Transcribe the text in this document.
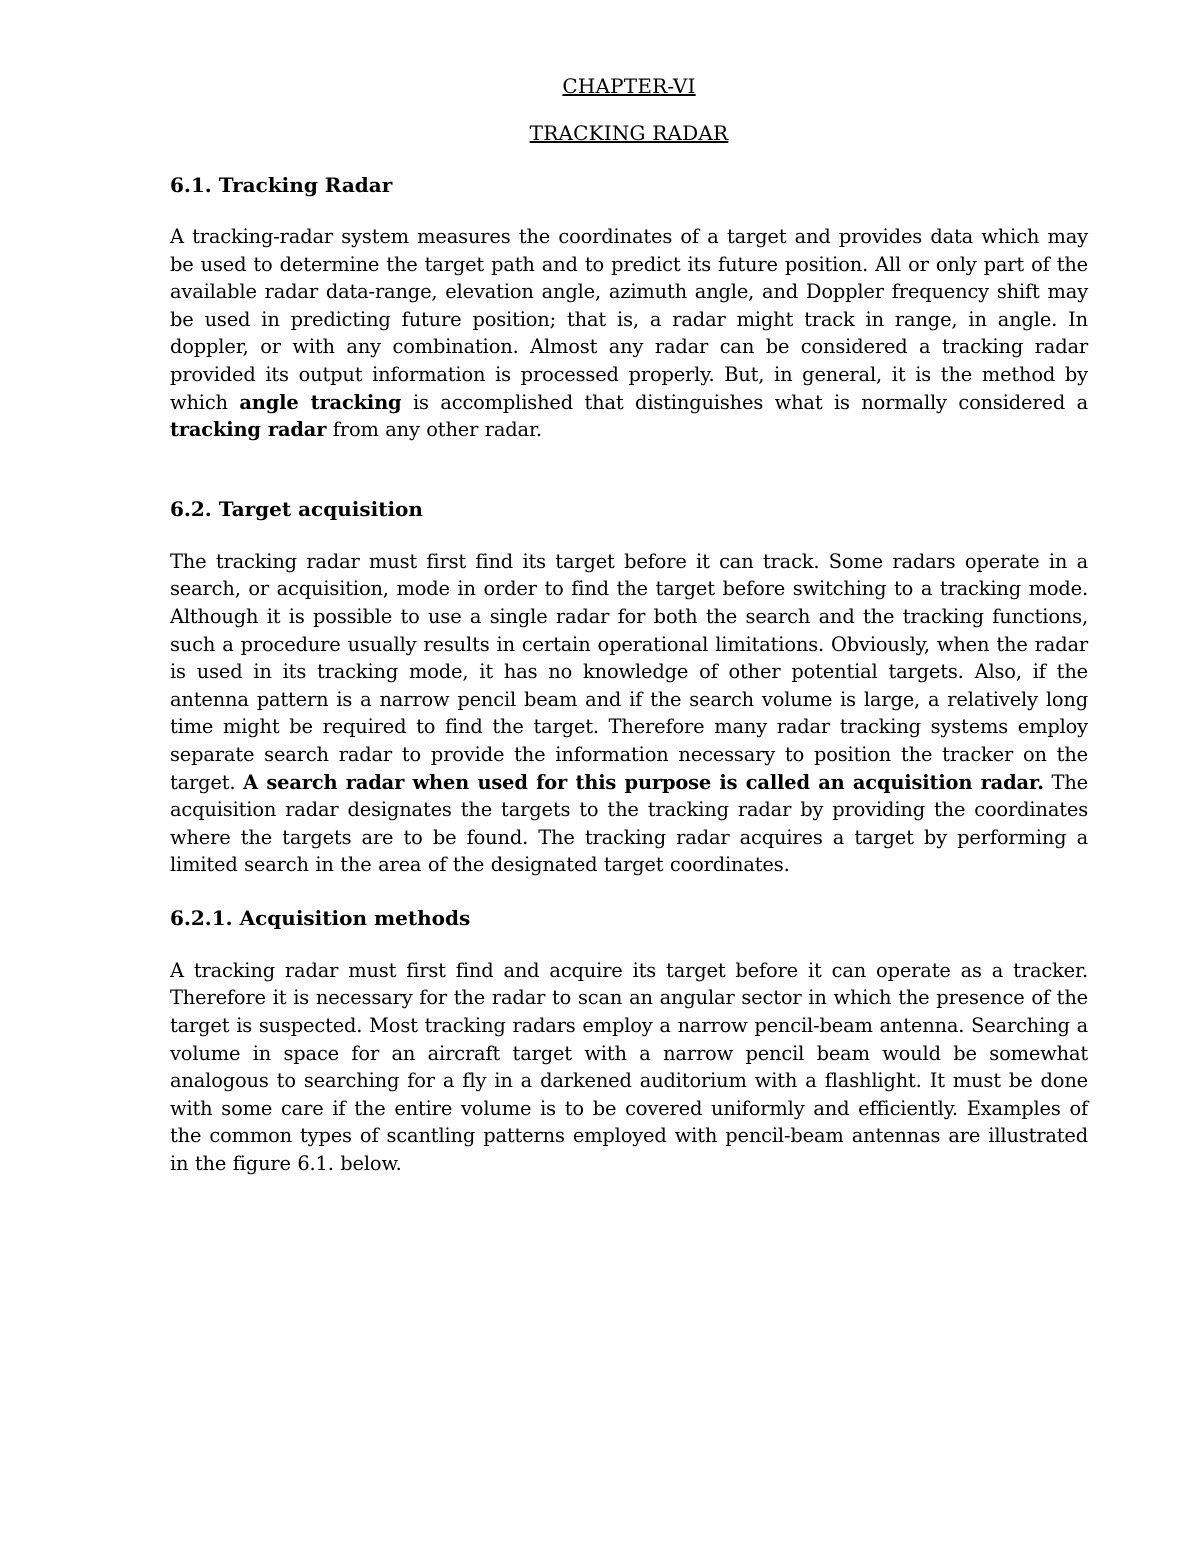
CHAPTER-VI
TRACKING RADAR
6.1. Tracking Radar

A tracking-radar system measures the coordinates of a target and provides data which may be used to determine the target path and to predict its future position. All or only part of the available radar data-range, elevation angle, azimuth angle, and Doppler frequency shift may be used in predicting future position; that is, a radar might track in range, in angle. In doppler, or with any combination. Almost any radar can be considered a tracking radar provided its output information is processed properly. But, in general, it is the method by which angle tracking is accomplished that distinguishes what is normally considered a tracking radar from any other radar.

6.2. Target acquisition

The tracking radar must first find its target before it can track. Some radars operate in a search, or acquisition, mode in order to find the target before switching to a tracking mode. Although it is possible to use a single radar for both the search and the tracking functions, such a procedure usually results in certain operational limitations. Obviously, when the radar is used in its tracking mode, it has no knowledge of other potential targets. Also, if the antenna pattern is a narrow pencil beam and if the search volume is large, a relatively long time might be required to find the target. Therefore many radar tracking systems employ separate search radar to provide the information necessary to position the tracker on the target. A search radar when used for this purpose is called an acquisition radar. The acquisition radar designates the targets to the tracking radar by providing the coordinates where the targets are to be found. The tracking radar acquires a target by performing a limited search in the area of the designated target coordinates.

6.2.1. Acquisition methods

A tracking radar must first find and acquire its target before it can operate as a tracker. Therefore it is necessary for the radar to scan an angular sector in which the presence of the target is suspected. Most tracking radars employ a narrow pencil-beam antenna. Searching a volume in space for an aircraft target with a narrow pencil beam would be somewhat analogous to searching for a fly in a darkened auditorium with a flashlight. It must be done with some care if the entire volume is to be covered uniformly and efficiently. Examples of the common types of scantling patterns employed with pencil-beam antennas are illustrated in the figure 6.1. below.
